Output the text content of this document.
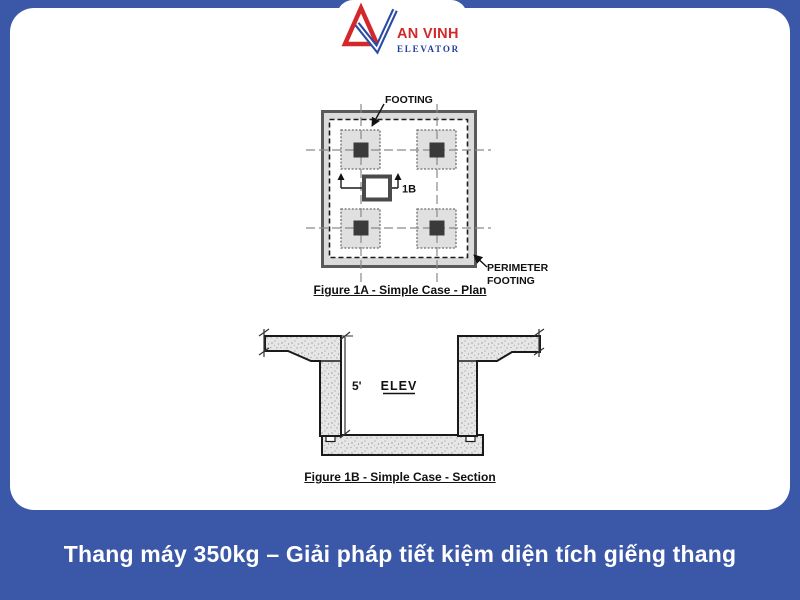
AN VINH
ELEVATOR
1B
FOOTING
PERIMETER
FOOTING
Figure 1A - Simple Case - Plan
5' ELEV
Figure 1B - Simple Case - Section
Thang máy 350kg – Giải pháp tiết kiệm diện tích giếng thang
